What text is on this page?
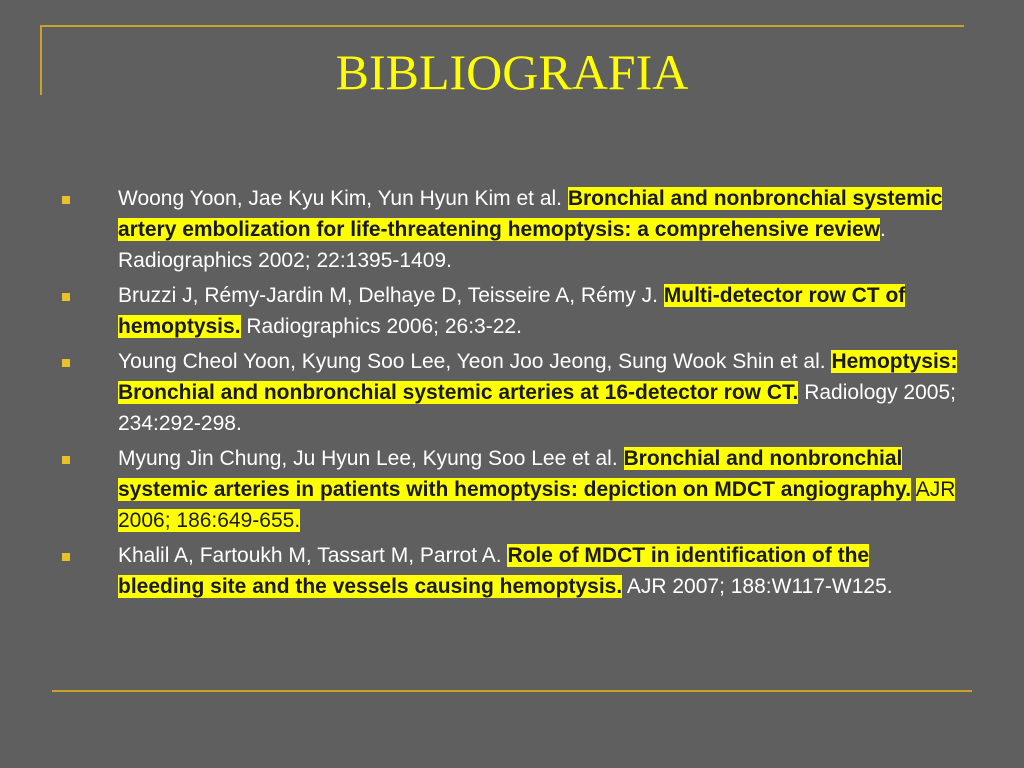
BIBLIOGRAFIA
Woong Yoon, Jae Kyu Kim, Yun Hyun Kim et al. Bronchial and nonbronchial systemic artery embolization for life-threatening hemoptysis: a comprehensive review. Radiographics 2002; 22:1395-1409.
Bruzzi J, Rémy-Jardin M, Delhaye D, Teisseire A, Rémy J. Multi-detector row CT of hemoptysis. Radiographics 2006; 26:3-22.
Young Cheol Yoon, Kyung Soo Lee, Yeon Joo Jeong, Sung Wook Shin et al. Hemoptysis: Bronchial and nonbronchial systemic arteries at 16-detector row CT. Radiology 2005; 234:292-298.
Myung Jin Chung, Ju Hyun Lee, Kyung Soo Lee et al. Bronchial and nonbronchial systemic arteries in patients with hemoptysis: depiction on MDCT angiography. AJR 2006; 186:649-655.
Khalil A, Fartoukh M, Tassart M, Parrot A. Role of MDCT in identification of the bleeding site and the vessels causing hemoptysis. AJR 2007; 188:W117-W125.
